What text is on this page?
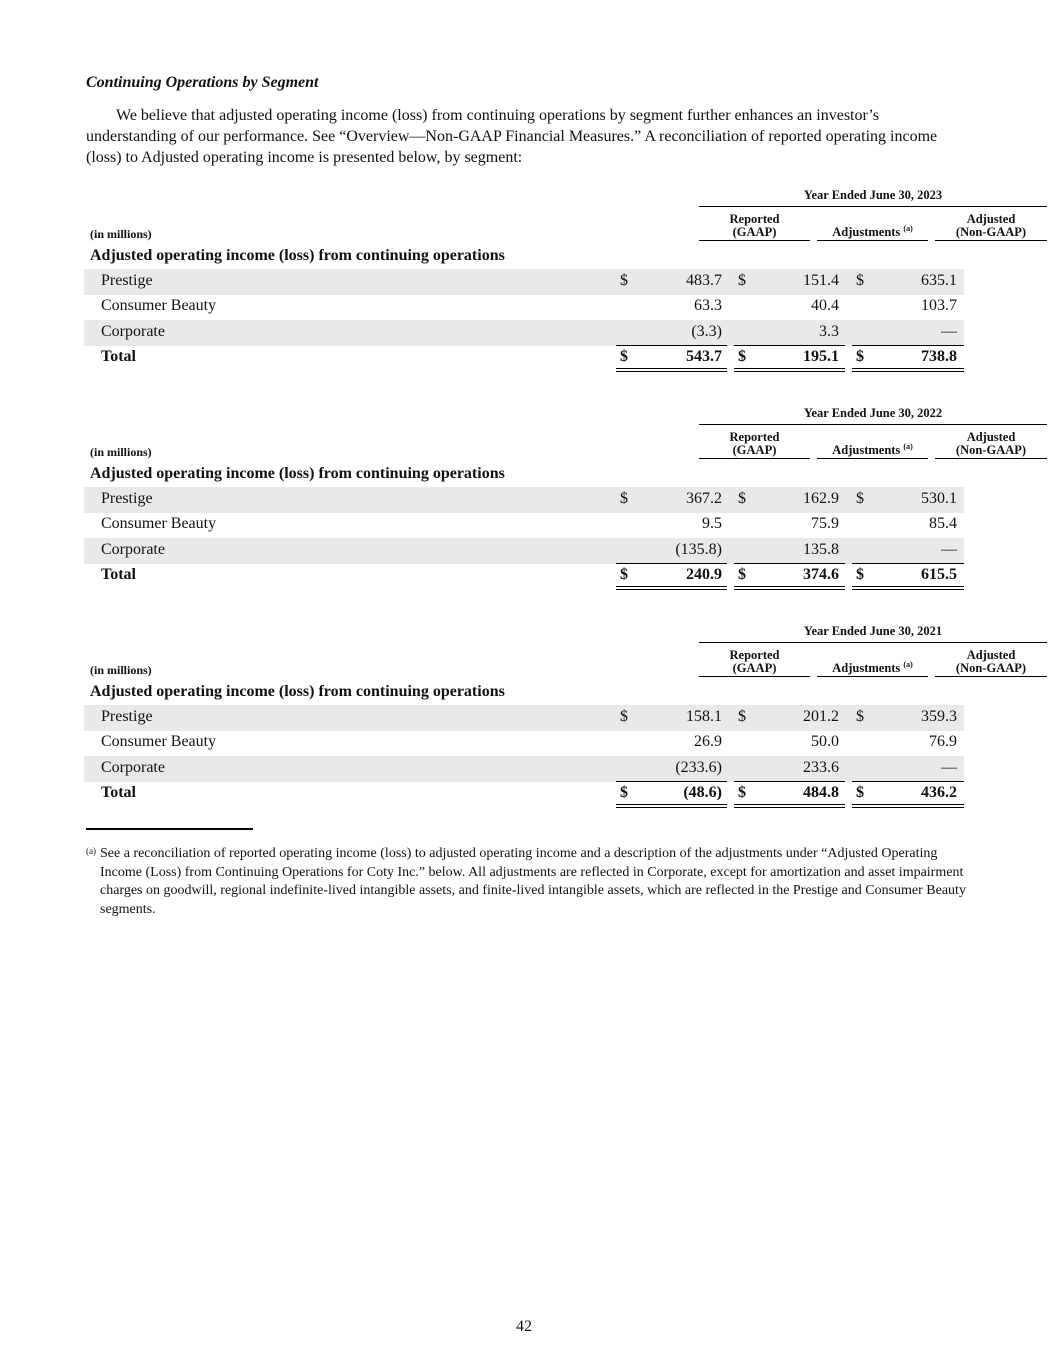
Continuing Operations by Segment

We believe that adjusted operating income (loss) from continuing operations by segment further enhances an investor’s understanding of our performance. See “Overview—Non-GAAP Financial Measures.” A reconciliation of reported operating income (loss) to Adjusted operating income is presented below, by segment:

Year Ended June 30, 2023
(in millions)
Reported
(GAAP)	Adjustments $^{(a)}$
Adjusted
(Non-GAAP)
Adjusted operating income (loss) from continuing operations
Prestige	$	483.7 $	151.4 $	635.1
Consumer Beauty	63.3	40.4	103.7
Corporate	(3.3)	3.3	—
Total	$	543.7 $	195.1 $	738.8
Year Ended June 30, 2022
(in millions)
Reported
(GAAP)	Adjustments $^{(a)}$
Adjusted
(Non-GAAP)
Adjusted operating income (loss) from continuing operations
Prestige	$	367.2 $	162.9 $	530.1
Consumer Beauty	9.5	75.9	85.4
Corporate	(135.8)	135.8	—
Total	$	240.9 $	374.6 $	615.5
Year Ended June 30, 2021
(in millions)
Reported
(GAAP)	Adjustments $^{(a)}$
Adjusted
(Non-GAAP)
Adjusted operating income (loss) from continuing operations
Prestige	$	158.1 $	201.2 $	359.3
Consumer Beauty	26.9	50.0	76.9
Corporate	(233.6)	233.6	—
Total	$	(48.6) $	484.8 $	436.2
(a) See a reconciliation of reported operating income (loss) to adjusted operating income and a description of the adjustments under “Adjusted Operating Income (Loss) from Continuing Operations for Coty Inc.” below. All adjustments are reflected in Corporate, except for amortization and asset impairment charges on goodwill, regional indefinite-lived intangible assets, and finite-lived intangible assets, which are reflected in the Prestige and Consumer Beauty segments.
42
